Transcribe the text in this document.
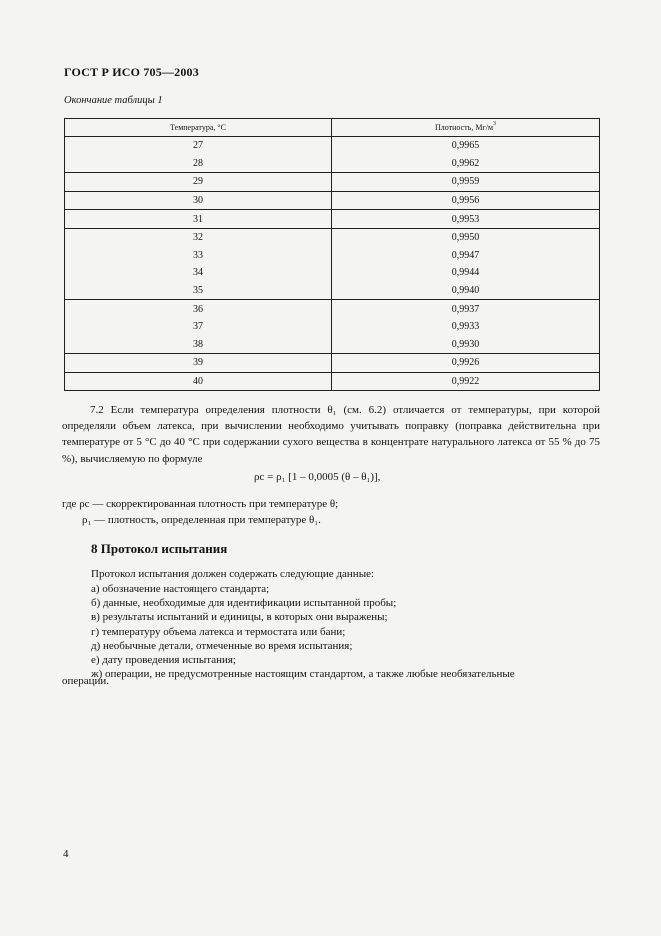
ГОСТ Р ИСО 705—2003
Окончание таблицы 1
Температура, °С	Плотность, $Мг/м^3$
27	0,9965
28	0,9962
29	0,9959
30	0,9956
31	0,9953
32	0,9950
33	0,9947
34	0,9944
35	0,9940
36	0,9937
37	0,9933
38	0,9930
39	0,9926
40	0,9922
7.2 Если температура определения плотности θ₁ (см. 6.2) отличается от температуры, при которой определяли объем латекса, при вычислении необходимо учитывать поправку (поправка действительна при температуре от 5 °С до 40 °С при содержании сухого вещества в концентрате натурального латекса от 55 % до 75 %), вычисляемую по формуле
ρс = ρ₁ [1 – 0,0005 (θ – θ₁)],
где ρс — скорректированная плотность при температуре θ;
ρ₁ — плотность, определенная при температуре θ₁.
8 Протокол испытания
Протокол испытания должен содержать следующие данные:
а) обозначение настоящего стандарта;
б) данные, необходимые для идентификации испытанной пробы;
в) результаты испытаний и единицы, в которых они выражены;
г) температуру объема латекса и термостата или бани;
д) необычные детали, отмеченные во время испытания;
е) дату проведения испытания;
ж) операции, не предусмотренные настоящим стандартом, а также любые необязательные
операции.
4
